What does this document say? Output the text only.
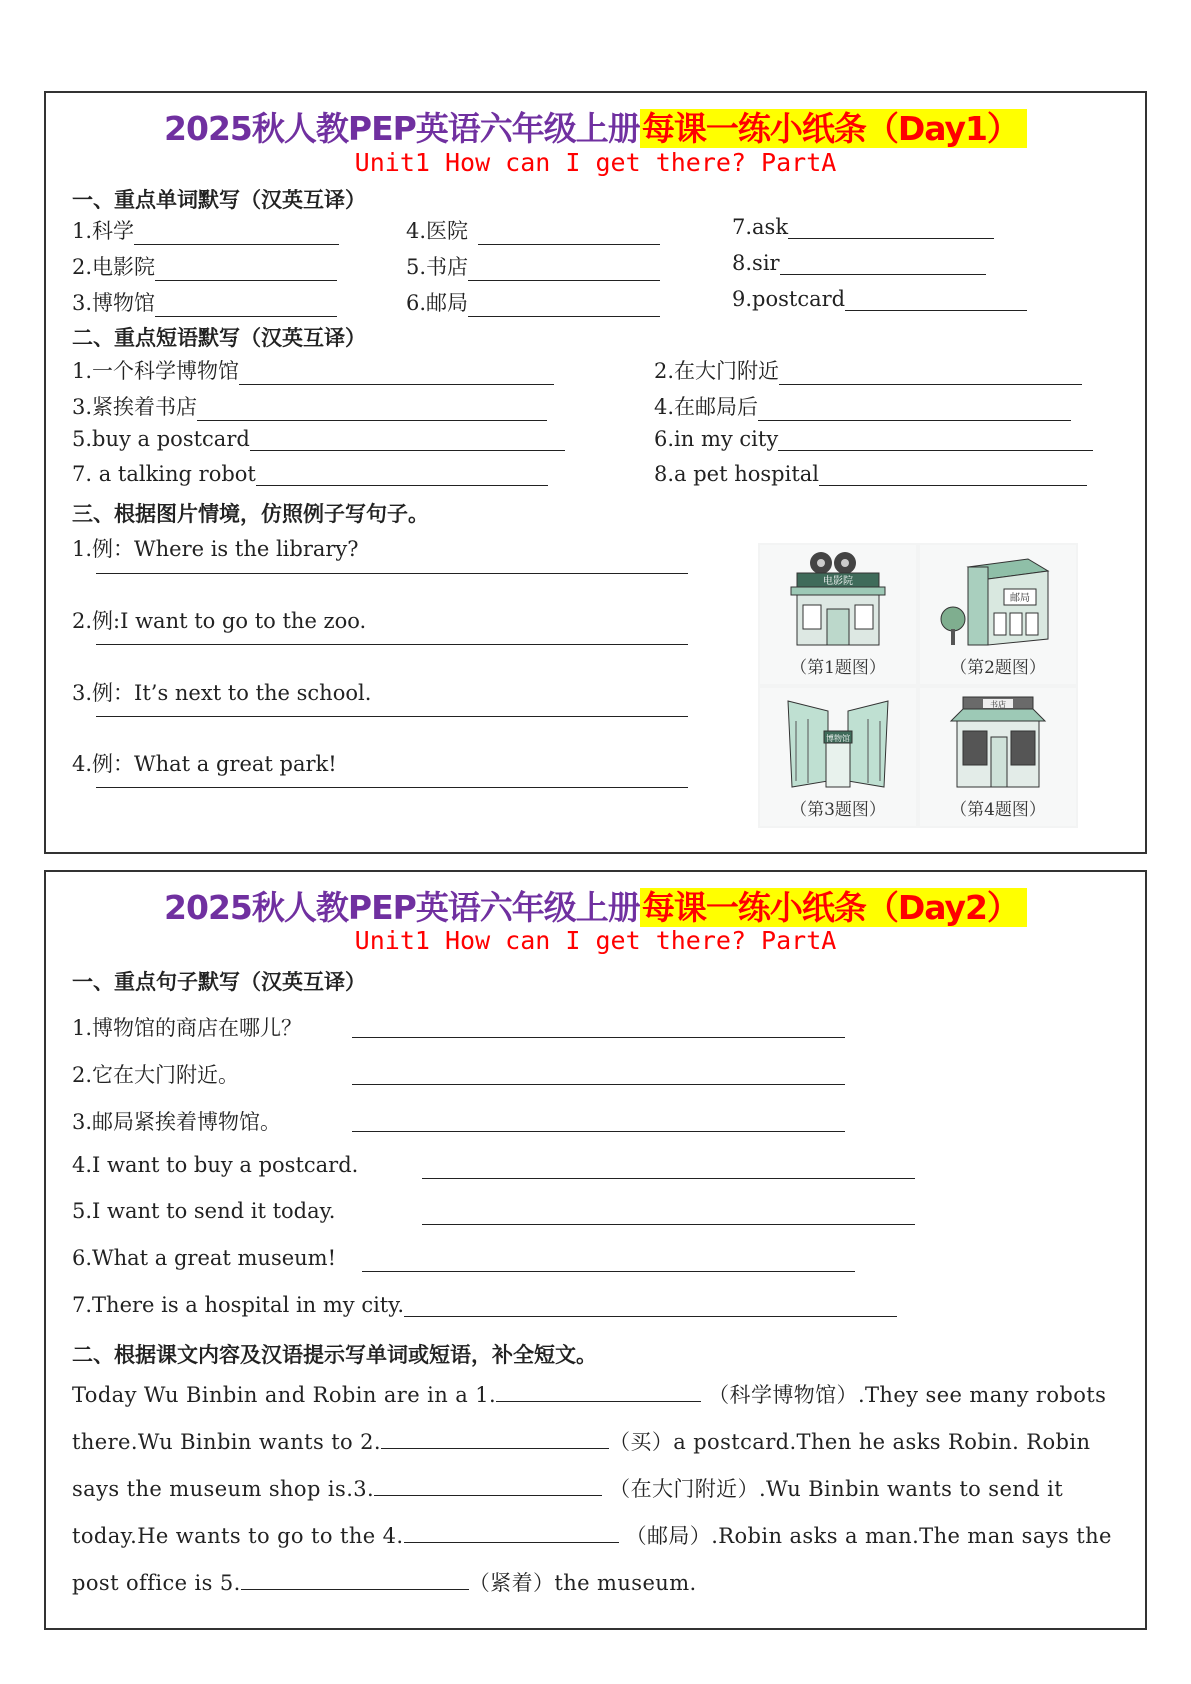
2025秋人教PEP英语六年级上册每课一练小纸条（Day1）
Unit1 How can I get there? PartA
一、重点单词默写（汉英互译）
1.科学	4.医院	7.ask
2.电影院	5.书店	8.sir
3.博物馆	6.邮局	9.postcard
二、重点短语默写（汉英互译）
1.一个科学博物馆	2.在大门附近
3.紧挨着书店	4.在邮局后
5.buy a postcard	6.in my city
7. a talking robot	8.a pet hospital
三、根据图片情境，仿照例子写句子。
1.例：Where is the library?
2.例:I want to go to the zoo.
3.例：It’s next to the school.
4.例：What a great park!
电影院
（第1题图）
邮局
（第2题图）
博物馆
（第3题图）
书店
（第4题图）
2025秋人教PEP英语六年级上册每课一练小纸条（Day2）
Unit1 How can I get there? PartA
一、重点句子默写（汉英互译）
1.博物馆的商店在哪儿？
2.它在大门附近。
3.邮局紧挨着博物馆。
4.I want to buy a postcard.
5.I want to send it today.
6.What a great museum!
7.There is a hospital in my city.
二、根据课文内容及汉语提示写单词或短语，补全短文。
Today Wu Binbin and Robin are in a 1.	（科学博物馆）.They see many robots there.Wu Binbin wants to 2.	（买）a postcard.Then he asks Robin. Robin says the museum shop is.3.	（在大门附近）.Wu Binbin wants to send it today.He wants to go to the 4.	（邮局）.Robin asks a man.The man says the post office is 5.	（紧着）the museum.
